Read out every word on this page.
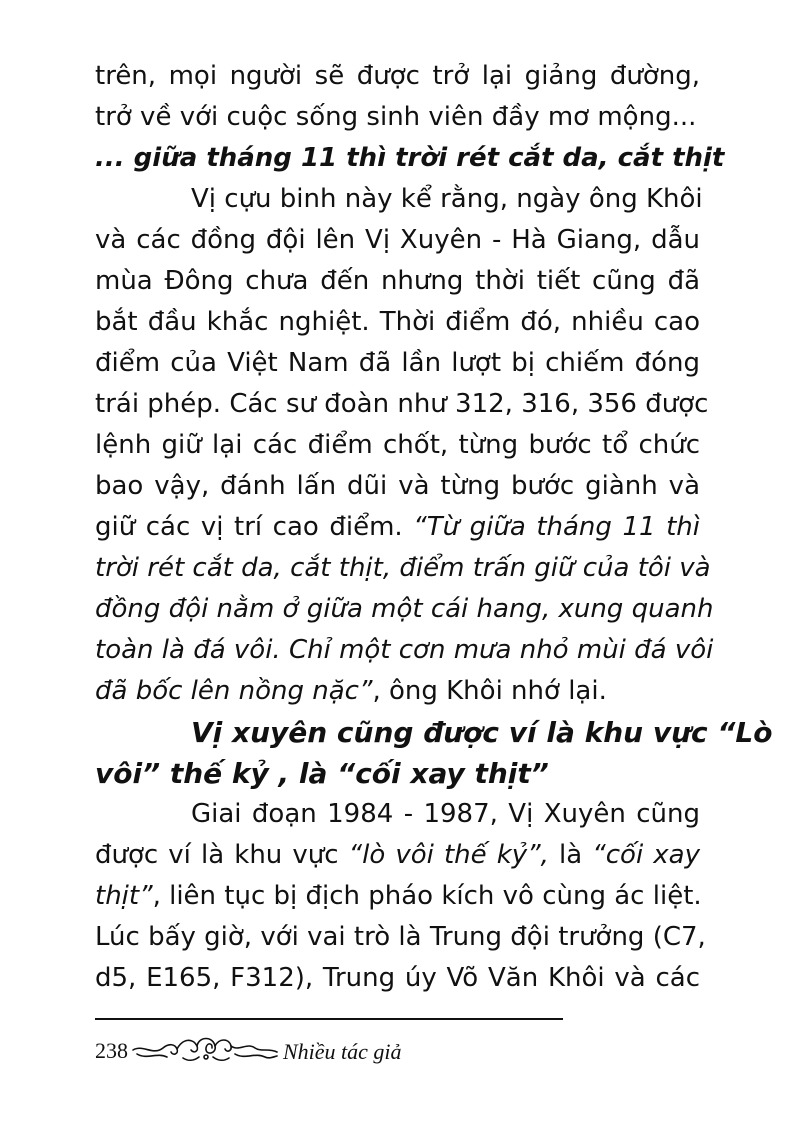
trên, mọi người sẽ được trở lại giảng đường,
trở về với cuộc sống sinh viên đầy mơ mộng...
... giữa tháng 11 thì trời rét cắt da, cắt thịt
Vị cựu binh này kể rằng, ngày ông Khôi
và các đồng đội lên Vị Xuyên - Hà Giang, dẫu
mùa Đông chưa đến nhưng thời tiết cũng đã
bắt đầu khắc nghiệt. Thời điểm đó, nhiều cao
điểm của Việt Nam đã lần lượt bị chiếm đóng
trái phép. Các sư đoàn như 312, 316, 356 được
lệnh giữ lại các điểm chốt, từng bước tổ chức
bao vậy, đánh lấn dũi và từng bước giành và
giữ các vị trí cao điểm. “Từ giữa tháng 11 thì
trời rét cắt da, cắt thịt, điểm trấn giữ của tôi và
đồng đội nằm ở giữa một cái hang, xung quanh
toàn là đá vôi. Chỉ một cơn mưa nhỏ mùi đá vôi
đã bốc lên nồng nặc”, ông Khôi nhớ lại.
Vị xuyên cũng được ví là khu vực “Lò
vôi” thế kỷ , là “cối xay thịt”
Giai đoạn 1984 - 1987, Vị Xuyên cũng
được ví là khu vực “lò vôi thế kỷ”, là “cối xay
thịt”, liên tục bị địch pháo kích vô cùng ác liệt.
Lúc bấy giờ, với vai trò là Trung đội trưởng (C7,
d5, E165, F312), Trung úy Võ Văn Khôi và các
238	Nhiều tác giả
